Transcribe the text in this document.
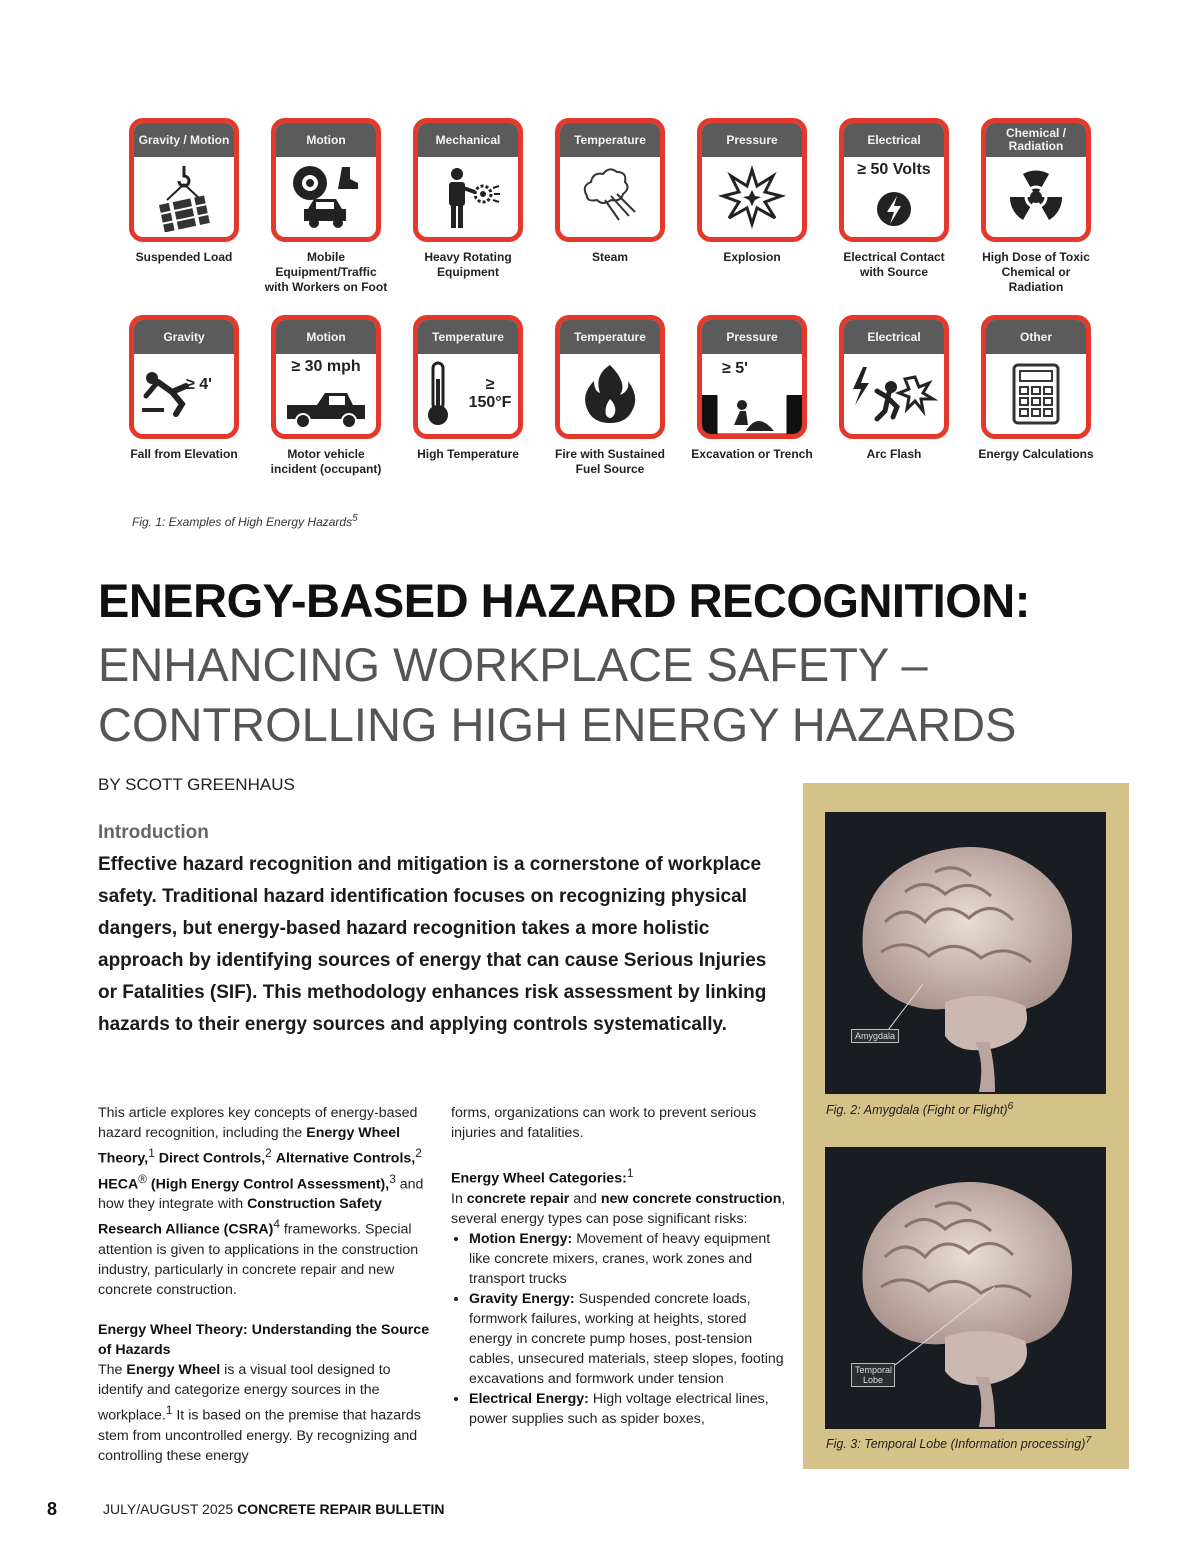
Gravity / Motion
Suspended Load
Motion
Mobile Equipment/Traffic with Workers on Foot
Mechanical
Heavy Rotating Equipment
Temperature
Steam
Pressure
Explosion
Electrical
≥ 50 Volts
Electrical Contact with Source
Chemical / Radiation
High Dose of Toxic Chemical or Radiation
Gravity
≥ 4'
Fall from Elevation
Motion
≥ 30 mph
Motor vehicle incident (occupant)
Temperature
≥ 150°F
High Temperature
Temperature
Fire with Sustained Fuel Source
Pressure
≥ 5'
Excavation or Trench
Electrical
Arc Flash
Other
Energy Calculations
Fig. 1: Examples of High Energy Hazards$^5$
ENERGY-BASED HAZARD RECOGNITION:
ENHANCING WORKPLACE SAFETY – CONTROLLING HIGH ENERGY HAZARDS
BY SCOTT GREENHAUS
Introduction
Effective hazard recognition and mitigation is a cornerstone of workplace safety. Traditional hazard identification focuses on recognizing physical dangers, but energy-based hazard recognition takes a more holistic approach by identifying sources of energy that can cause Serious Injuries or Fatalities (SIF). This methodology enhances risk assessment by linking hazards to their energy sources and applying controls systematically.

This article explores key concepts of energy-based hazard recognition, including the Energy Wheel Theory,$^1$ Direct Controls,$^2$ Alternative Controls,$^2$ HECA® (High Energy Control Assessment),$^3$ and how they integrate with Construction Safety Research Alliance (CSRA)$^4$ frameworks. Special attention is given to applications in the construction industry, particularly in concrete repair and new concrete construction.

Energy Wheel Theory: Understanding the Source of Hazards

The Energy Wheel is a visual tool designed to identify and categorize energy sources in the workplace.$^1$ It is based on the premise that hazards stem from uncontrolled energy. By recognizing and controlling these energy

forms, organizations can work to prevent serious injuries and fatalities.

Energy Wheel Categories:$^1$

In concrete repair and new concrete construction, several energy types can pose significant risks:

• Motion Energy: Movement of heavy equipment like concrete mixers, cranes, work zones and transport trucks
• Gravity Energy: Suspended concrete loads, formwork failures, working at heights, stored energy in concrete pump hoses, post-tension cables, unsecured materials, steep slopes, footing excavations and formwork under tension
• Electrical Energy: High voltage electrical lines, power supplies such as spider boxes,
Amygdala
Fig. 2: Amygdala (Fight or Flight)$^6$
Temporal Lobe
Fig. 3: Temporal Lobe (Information processing)$^7$
8	JULY/AUGUST 2025 CONCRETE REPAIR BULLETIN
